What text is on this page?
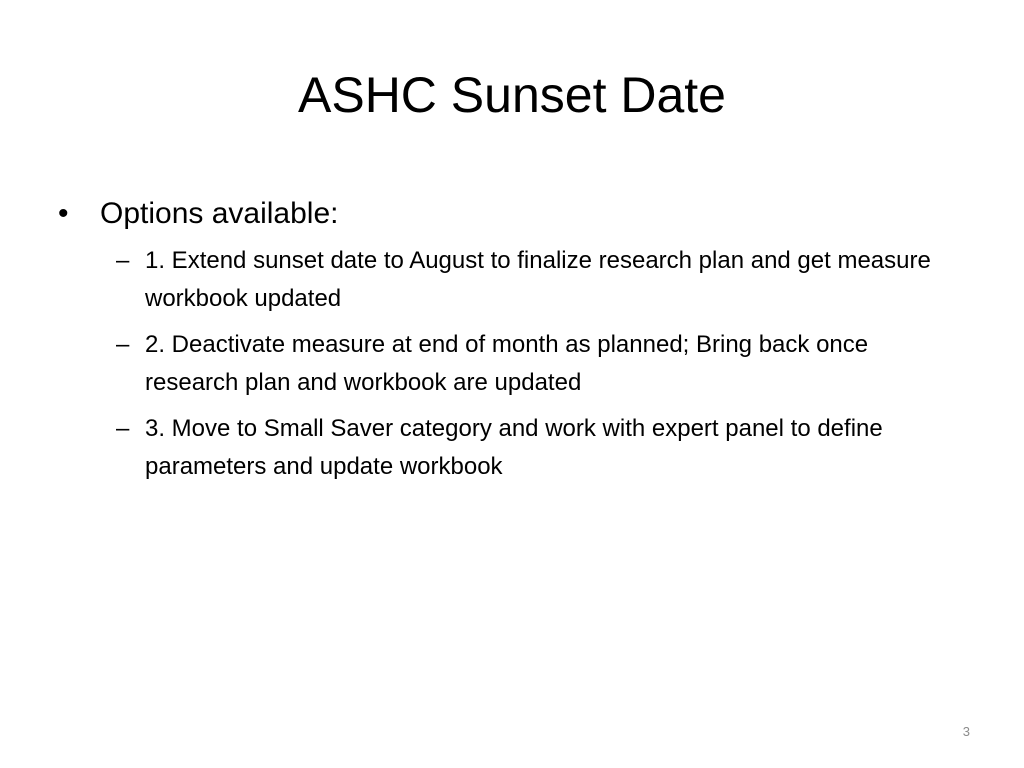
ASHC Sunset Date
•	Options available:
– 1. Extend sunset date to August to finalize research plan and get measure workbook updated
– 2. Deactivate measure at end of month as planned; Bring back once research plan and workbook are updated
– 3. Move to Small Saver category and work with expert panel to define parameters and update workbook
3
